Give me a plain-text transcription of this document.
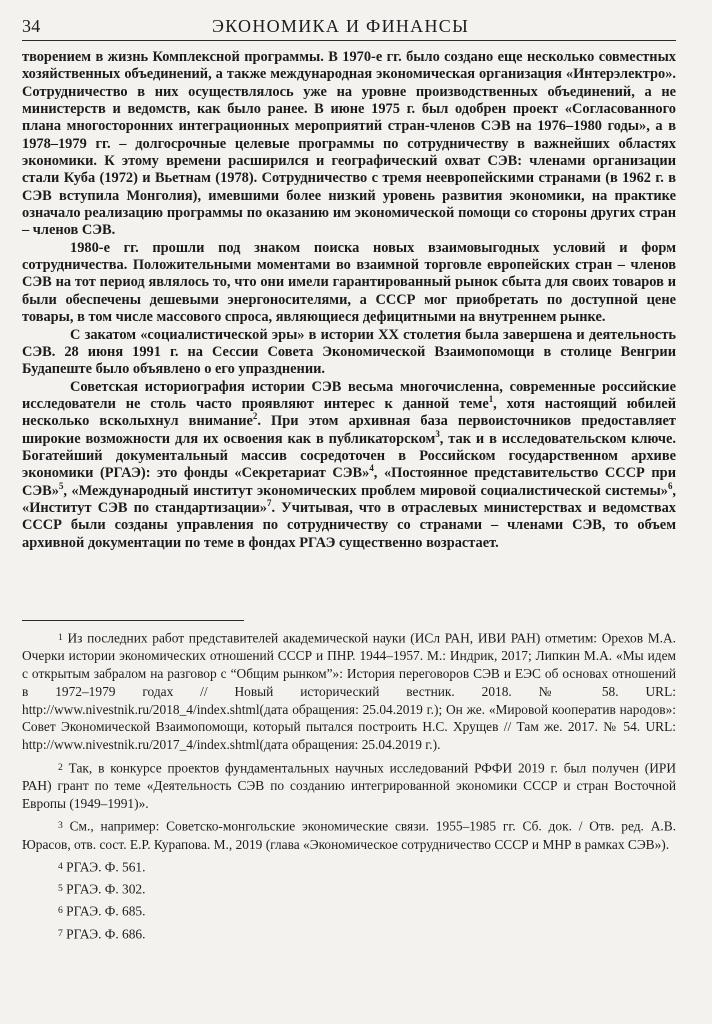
34	ЭКОНОМИКА И ФИНАНСЫ

творением в жизнь Комплексной программы. В 1970-е гг. было создано еще несколько совместных хозяйственных объединений, а также международная экономическая организация «Интерэлектро». Сотрудничество в них осуществлялось уже на уровне производственных объединений, а не министерств и ведомств, как было ранее. В июне 1975 г. был одобрен проект «Согласованного плана многосторонних интеграционных мероприятий стран-членов СЭВ на 1976–1980 годы», а в 1978–1979 гг. – долгосрочные целевые программы по сотрудничеству в важнейших областях экономики. К этому времени расширился и географический охват СЭВ: членами организации стали Куба (1972) и Вьетнам (1978). Сотрудничество с тремя неевропейскими странами (в 1962 г. в СЭВ вступила Монголия), имевшими более низкий уровень развития экономики, на практике означало реализацию программы по оказанию им экономической помощи со стороны других стран – членов СЭВ.

1980-е гг. прошли под знаком поиска новых взаимовыгодных условий и форм сотрудничества. Положительными моментами во взаимной торговле европейских стран – членов СЭВ на тот период являлось то, что они имели гарантированный рынок сбыта для своих товаров и были обеспечены дешевыми энергоносителями, а СССР мог приобретать по доступной цене товары, в том числе массового спроса, являющиеся дефицитными на внутреннем рынке.

С закатом «социалистической эры» в истории XX столетия была завершена и деятельность СЭВ. 28 июня 1991 г. на Сессии Совета Экономической Взаимопомощи в столице Венгрии Будапеште было объявлено о его упразднении.

Советская историография истории СЭВ весьма многочисленна, современные российские исследователи не столь часто проявляют интерес к данной теме$^1$, хотя настоящий юбилей несколько всколыхнул внимание$^2$. При этом архивная база первоисточников предоставляет широкие возможности для их освоения как в публикаторском$^3$, так и в исследовательском ключе. Богатейший документальный массив сосредоточен в Российском государственном архиве экономики (РГАЭ): это фонды «Секретариат СЭВ»$^4$, «Постоянное представительство СССР при СЭВ»$^5$, «Международный институт экономических проблем мировой социалистической системы»$^6$, «Институт СЭВ по стандартизации»$^7$. Учитывая, что в отраслевых министерствах и ведомствах СССР были созданы управления по сотрудничеству со странами – членами СЭВ, то объем архивной документации по теме в фондах РГАЭ существенно возрастает.

$^1$ Из последних работ представителей академической науки (ИСл РАН, ИВИ РАН) отметим: Орехов М.А. Очерки истории экономических отношений СССР и ПНР. 1944–1957. М.: Индрик, 2017; Липкин М.А. «Мы идем с открытым забралом на разговор с “Общим рынком”»: История переговоров СЭВ и ЕЭС об основах отношений в 1972–1979 годах // Новый исторический вестник. 2018. № 58. URL: http://www.nivestnik.ru/2018_4/index.shtml(дата обращения: 25.04.2019 г.); Он же. «Мировой кооператив народов»: Совет Экономической Взаимопомощи, который пытался построить Н.С. Хрущев // Там же. 2017. № 54. URL: http://www.nivestnik.ru/2017_4/index.shtml(дата обращения: 25.04.2019 г.).

$^2$ Так, в конкурсе проектов фундаментальных научных исследований РФФИ 2019 г. был получен (ИРИ РАН) грант по теме «Деятельность СЭВ по созданию интегрированной экономики СССР и стран Восточной Европы (1949–1991)».

$^3$ См., например: Советско-монгольские экономические связи. 1955–1985 гг. Сб. док. / Отв. ред. А.В. Юрасов, отв. сост. Е.Р. Курапова. М., 2019 (глава «Экономическое сотрудничество СССР и МНР в рамках СЭВ»).

$^4$ РГАЭ. Ф. 561.

$^5$ РГАЭ. Ф. 302.

$^6$ РГАЭ. Ф. 685.

$^7$ РГАЭ. Ф. 686.
